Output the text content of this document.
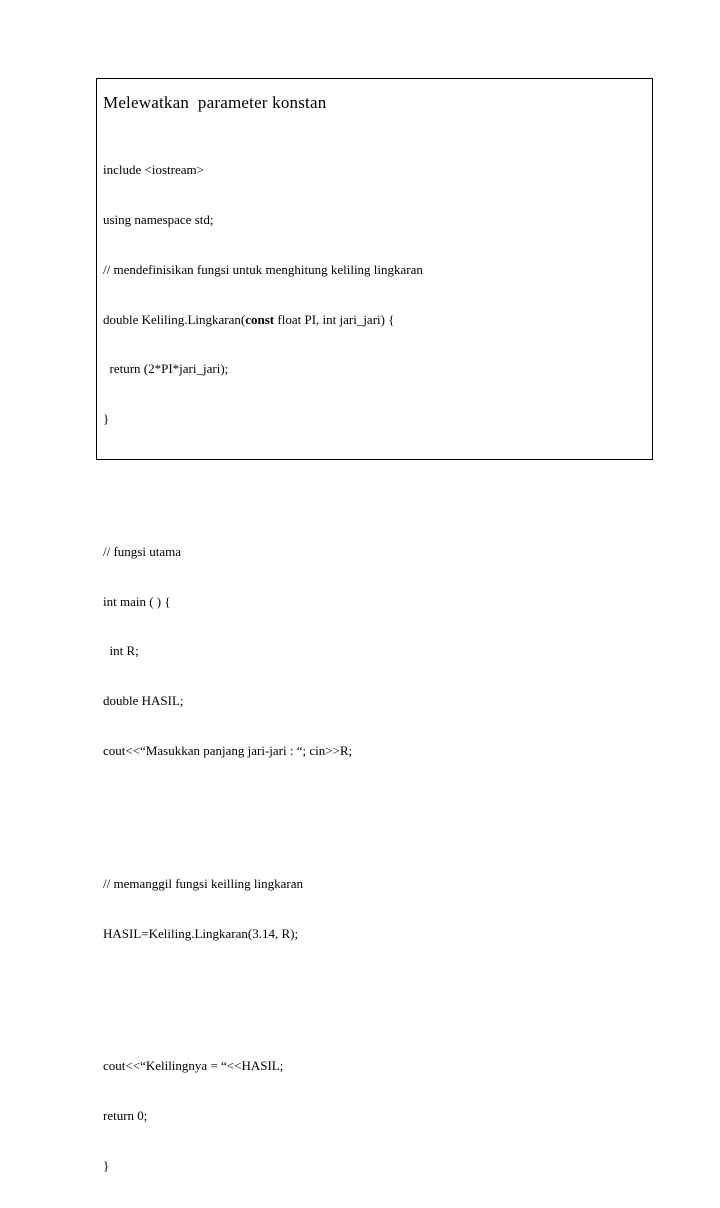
Melewatkan  parameter konstan

include <iostream>

using namespace std;

// mendefinisikan fungsi untuk menghitung keliling lingkaran

double Keliling.Lingkaran(const float PI, int jari_jari) {

return (2*PI*jari_jari);

}

// fungsi utama

int main ( ) {

int R;

double HASIL;

cout<<“Masukkan panjang jari-jari : “; cin>>R;

// memanggil fungsi keilling lingkaran

HASIL=Keliling.Lingkaran(3.14, R);

cout<<“Kelilingnya = “<<HASIL;

return 0;

}
